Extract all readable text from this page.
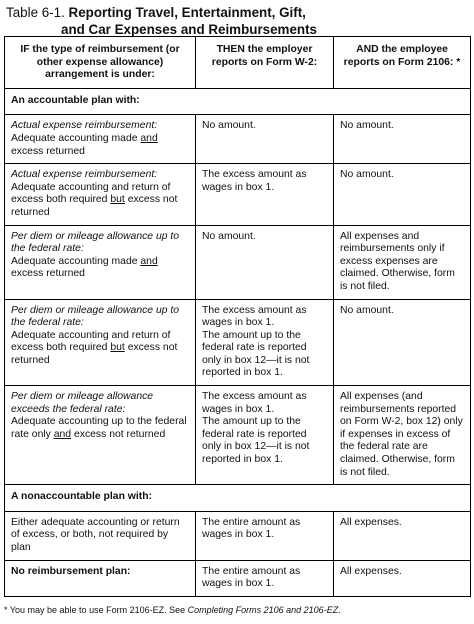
Table 6-1. Reporting Travel, Entertainment, Gift,
and Car Expenses and Reimbursements
IF the type of reimbursement (or other expense allowance) arrangement is under:	THEN the employer reports on Form W-2:	AND the employee reports on Form 2106: *
An accountable plan with:		

Actual expense reimbursement:
Adequate accounting made and excess returned	No amount.	No amount.

Actual expense reimbursement:
Adequate accounting and return of excess both required but excess not returned	The excess amount as wages in box 1.	No amount.

Per diem or mileage allowance up to the federal rate:
Adequate accounting made and excess returned	No amount.	All expenses and reimbursements only if excess expenses are claimed. Otherwise, form is not filed.

Per diem or mileage allowance up to the federal rate:
Adequate accounting and return of excess both required but excess not returned	The excess amount as wages in box 1.
The amount up to the federal rate is reported only in box 12—it is not reported in box 1.	No amount.

Per diem or mileage allowance exceeds the federal rate:
Adequate accounting up to the federal rate only and excess not returned	The excess amount as wages in box 1.
The amount up to the federal rate is reported only in box 12—it is not reported in box 1.	All expenses (and reimbursements reported on Form W-2, box 12) only if expenses in excess of the federal rate are claimed. Otherwise, form is not filed.
A nonaccountable plan with:		
Either adequate accounting or return of excess, or both, not required by plan	The entire amount as wages in box 1.	All expenses.
No reimbursement plan:	The entire amount as wages in box 1.	All expenses.
* You may be able to use Form 2106-EZ. See Completing Forms 2106 and 2106-EZ.
